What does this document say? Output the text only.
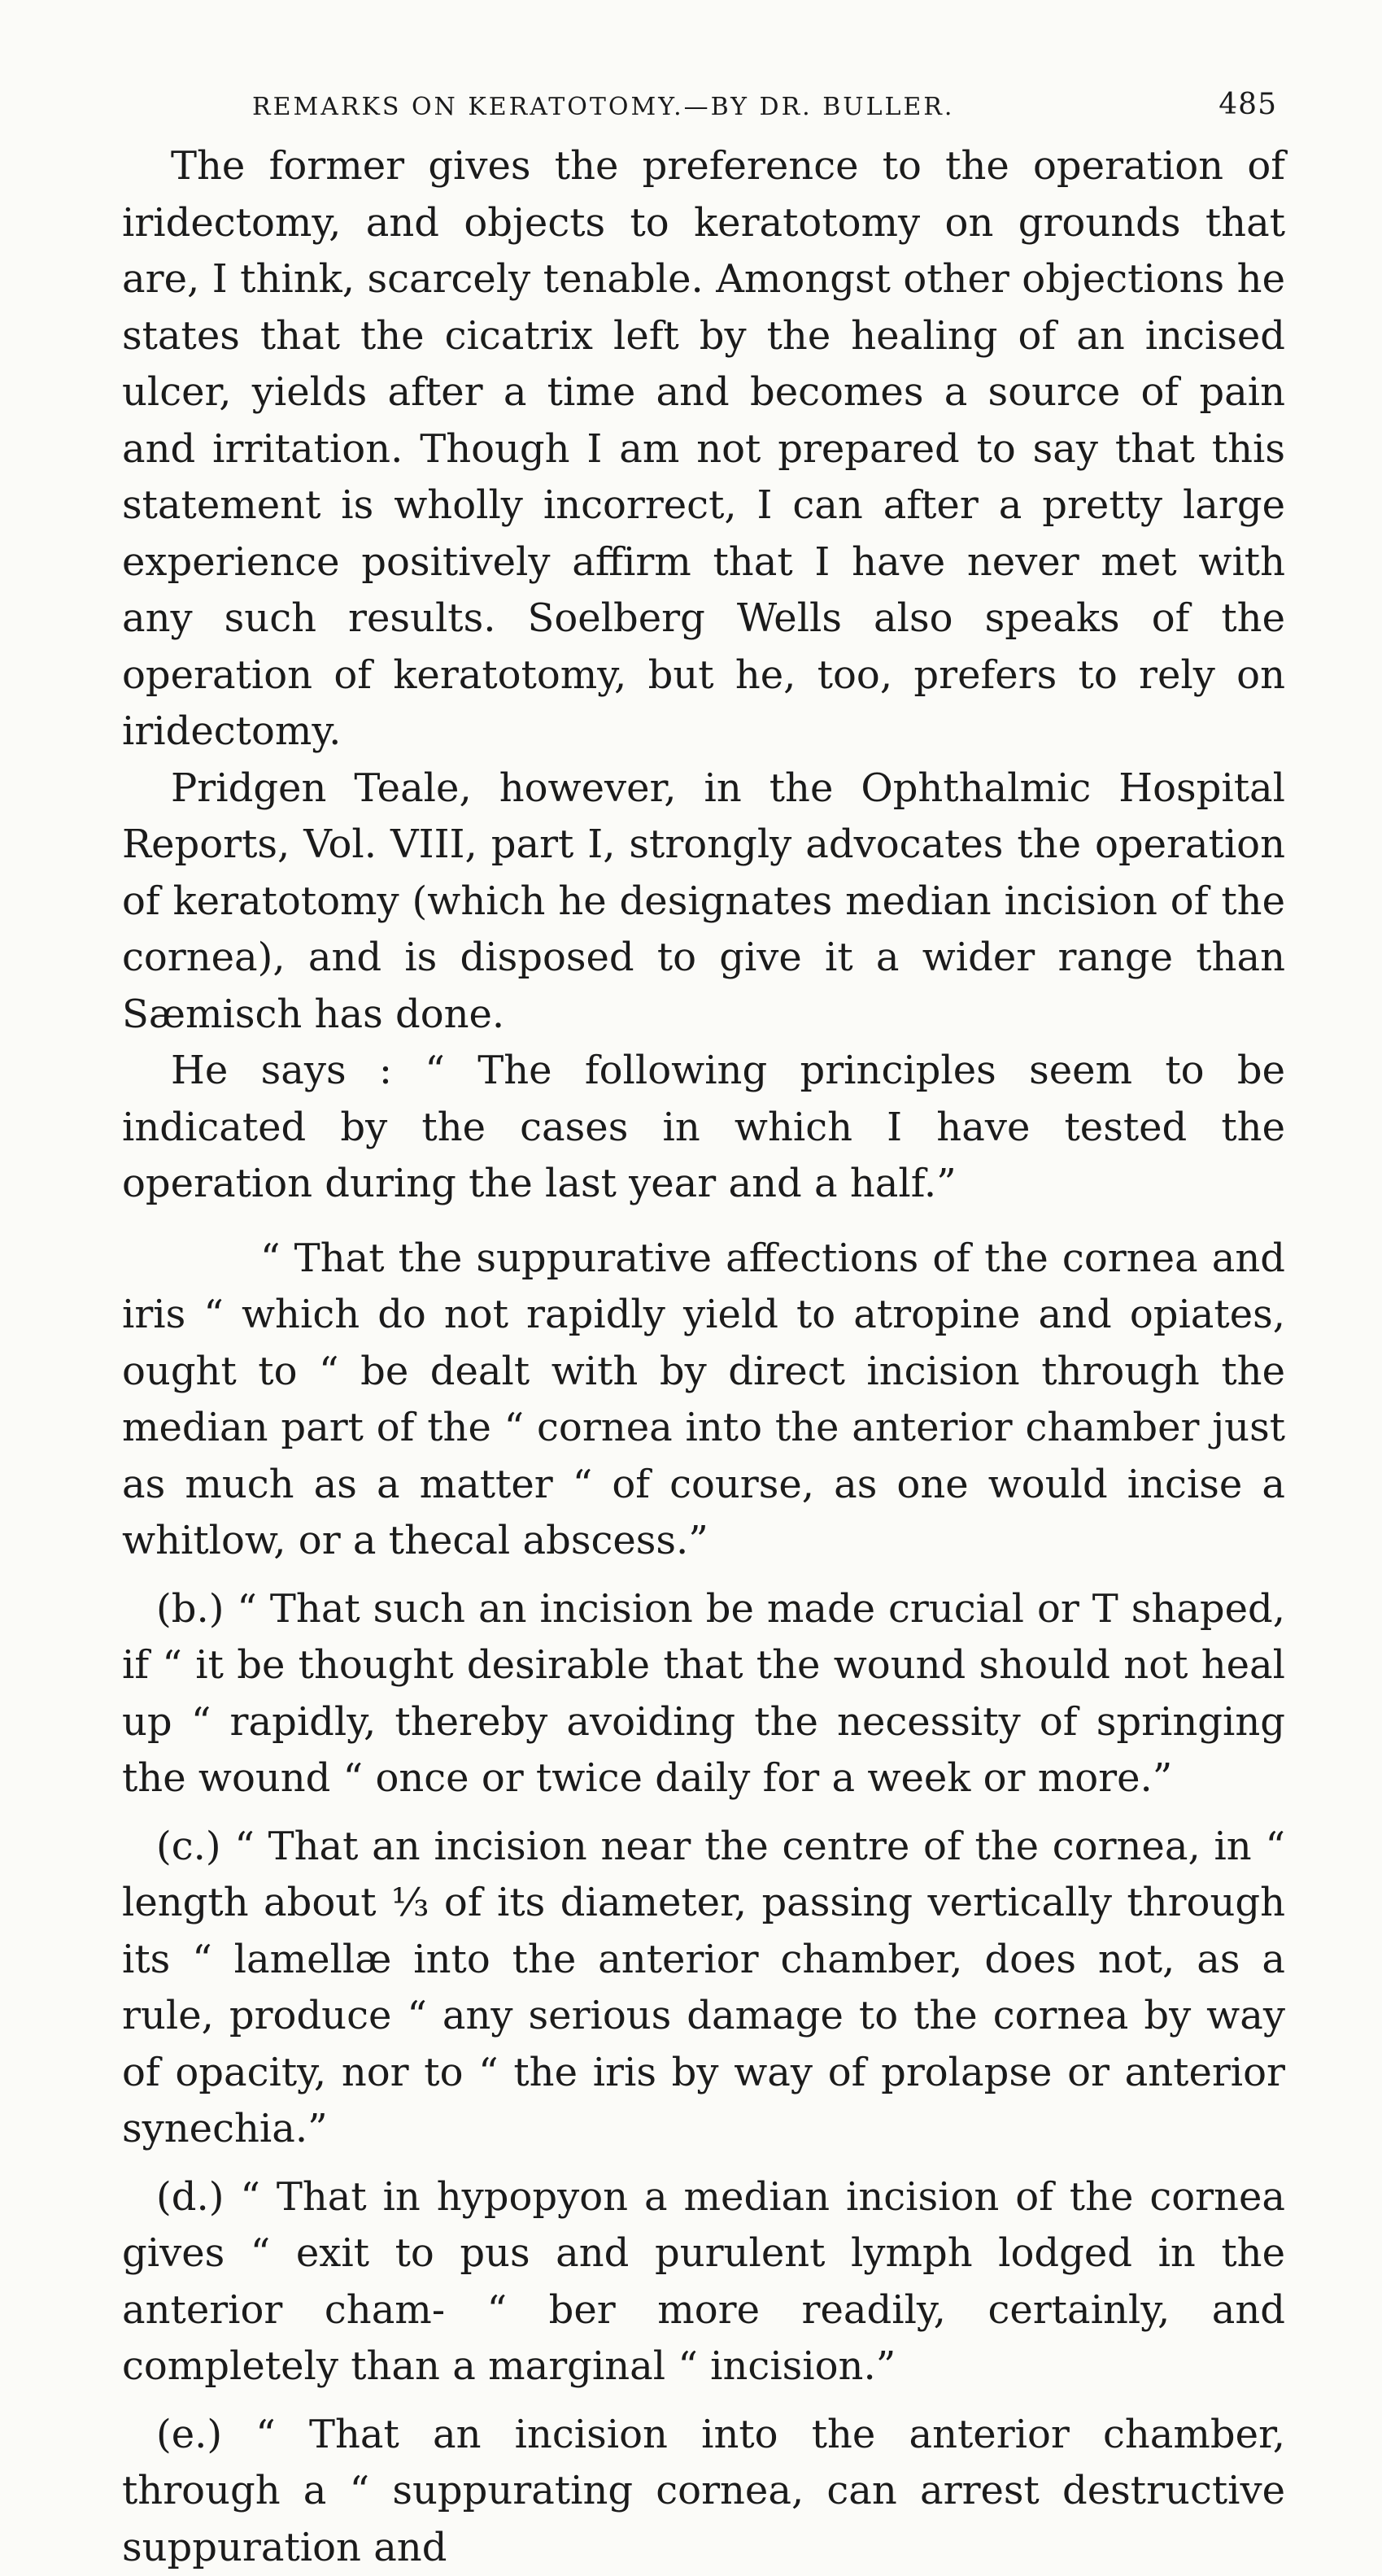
REMARKS ON KERATOTOMY.—BY DR. BULLER.	485

The former gives the preference to the operation of iridectomy, and objects to keratotomy on grounds that are, I think, scarcely tenable. Amongst other objections he states that the cicatrix left by the healing of an incised ulcer, yields after a time and becomes a source of pain and irritation. Though I am not prepared to say that this statement is wholly incorrect, I can after a pretty large experience positively affirm that I have never met with any such results. Soelberg Wells also speaks of the operation of keratotomy, but he, too, prefers to rely on iridectomy.

Pridgen Teale, however, in the Ophthalmic Hospital Reports, Vol. VIII, part I, strongly advocates the operation of keratotomy (which he designates median incision of the cornea), and is disposed to give it a wider range than Sæmisch has done.

He says : “ The following principles seem to be indicated by the cases in which I have tested the operation during the last year and a half.”

“ That the suppurative affections of the cornea and iris “ which do not rapidly yield to atropine and opiates, ought to “ be dealt with by direct incision through the median part of the “ cornea into the anterior chamber just as much as a matter “ of course, as one would incise a whitlow, or a thecal abscess.”

(b.) “ That such an incision be made crucial or T shaped, if “ it be thought desirable that the wound should not heal up “ rapidly, thereby avoiding the necessity of springing the wound “ once or twice daily for a week or more.”

(c.) “ That an incision near the centre of the cornea, in “ length about ⅓ of its diameter, passing vertically through its “ lamellæ into the anterior chamber, does not, as a rule, produce “ any serious damage to the cornea by way of opacity, nor to “ the iris by way of prolapse or anterior synechia.”

(d.) “ That in hypopyon a median incision of the cornea gives “ exit to pus and purulent lymph lodged in the anterior cham- “ ber more readily, certainly, and completely than a marginal “ incision.”

(e.) “ That an incision into the anterior chamber, through a “ suppurating cornea, can arrest destructive suppuration and
